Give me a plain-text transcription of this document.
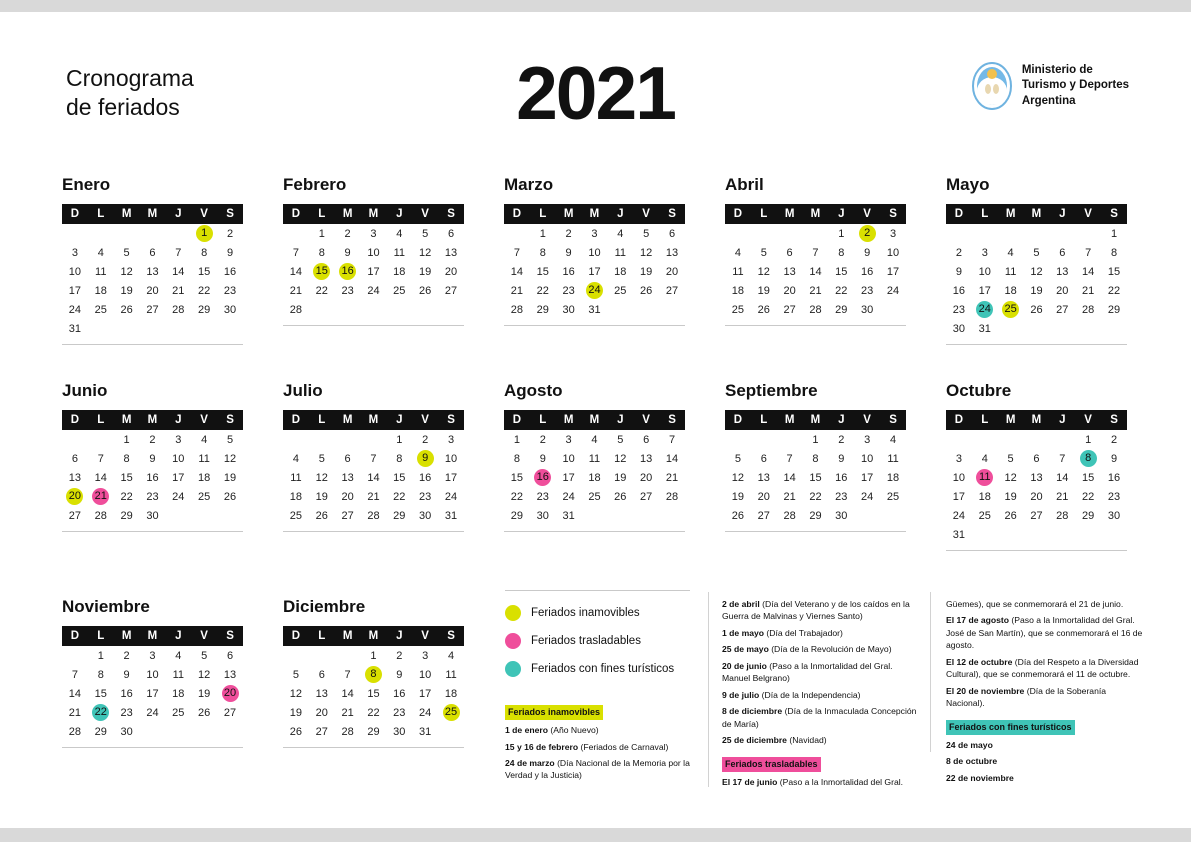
Cronograma
de feriados	2021	Ministerio de
Turismo y Deportes
Argentina
Enero
D	L	M	M	J	V	S
					1	2
3	4	5	6	7	8	9
10	11	12	13	14	15	16
17	18	19	20	21	22	23
24	25	26	27	28	29	30
31						
Febrero
D	L	M	M	J	V	S
	1	2	3	4	5	6
7	8	9	10	11	12	13
14	15	16	17	18	19	20
21	22	23	24	25	26	27
28						
Marzo
D	L	M	M	J	V	S
	1	2	3	4	5	6
7	8	9	10	11	12	13
14	15	16	17	18	19	20
21	22	23	24	25	26	27
28	29	30	31			
Abril
D	L	M	M	J	V	S
				1	2	3
4	5	6	7	8	9	10
11	12	13	14	15	16	17
18	19	20	21	22	23	24
25	26	27	28	29	30	
Mayo
D	L	M	M	J	V	S
						1
2	3	4	5	6	7	8
9	10	11	12	13	14	15
16	17	18	19	20	21	22
23	24	25	26	27	28	29
30	31					
Junio
D	L	M	M	J	V	S
		1	2	3	4	5
6	7	8	9	10	11	12
13	14	15	16	17	18	19
20	21	22	23	24	25	26
27	28	29	30			
Julio
D	L	M	M	J	V	S
				1	2	3
4	5	6	7	8	9	10
11	12	13	14	15	16	17
18	19	20	21	22	23	24
25	26	27	28	29	30	31
Agosto
D	L	M	M	J	V	S
1	2	3	4	5	6	7
8	9	10	11	12	13	14
15	16	17	18	19	20	21
22	23	24	25	26	27	28
29	30	31				
Septiembre
D	L	M	M	J	V	S
			1	2	3	4
5	6	7	8	9	10	11
12	13	14	15	16	17	18
19	20	21	22	23	24	25
26	27	28	29	30		
Octubre
D	L	M	M	J	V	S
					1	2
3	4	5	6	7	8	9
10	11	12	13	14	15	16
17	18	19	20	21	22	23
24	25	26	27	28	29	30
31						
Noviembre
D	L	M	M	J	V	S
	1	2	3	4	5	6
7	8	9	10	11	12	13
14	15	16	17	18	19	20
21	22	23	24	25	26	27
28	29	30				
Diciembre
D	L	M	M	J	V	S
			1	2	3	4
5	6	7	8	9	10	11
12	13	14	15	16	17	18
19	20	21	22	23	24	25
26	27	28	29	30	31	
Feriados inamovibles
Feriados trasladables
Feriados con fines turísticos
Feriados inamovibles
1 de enero (Año Nuevo)
15 y 16 de febrero (Feriados de Carnaval)
24 de marzo (Día Nacional de la Memoria por la Verdad y la Justicia)
2 de abril (Día del Veterano y de los caídos en la Guerra de Malvinas y Viernes Santo)
1 de mayo (Día del Trabajador)
25 de mayo (Día de la Revolución de Mayo)
20 de junio (Paso a la Inmortalidad del Gral. Manuel Belgrano)
9 de julio (Día de la Independencia)
8 de diciembre (Día de la Inmaculada Concepción de María)
25 de diciembre (Navidad)
Feriados trasladables
El 17 de junio (Paso a la Inmortalidad del Gral.
Güemes), que se conmemorará el 21 de junio.
El 17 de agosto (Paso a la Inmortalidad del Gral. José de San Martín), que se conmemorará el 16 de agosto.
El 12 de octubre (Día del Respeto a la Diversidad Cultural), que se conmemorará el 11 de octubre.
El 20 de noviembre (Día de la Soberanía Nacional).
Feriados con fines turísticos
24 de mayo
8 de octubre
22 de noviembre
